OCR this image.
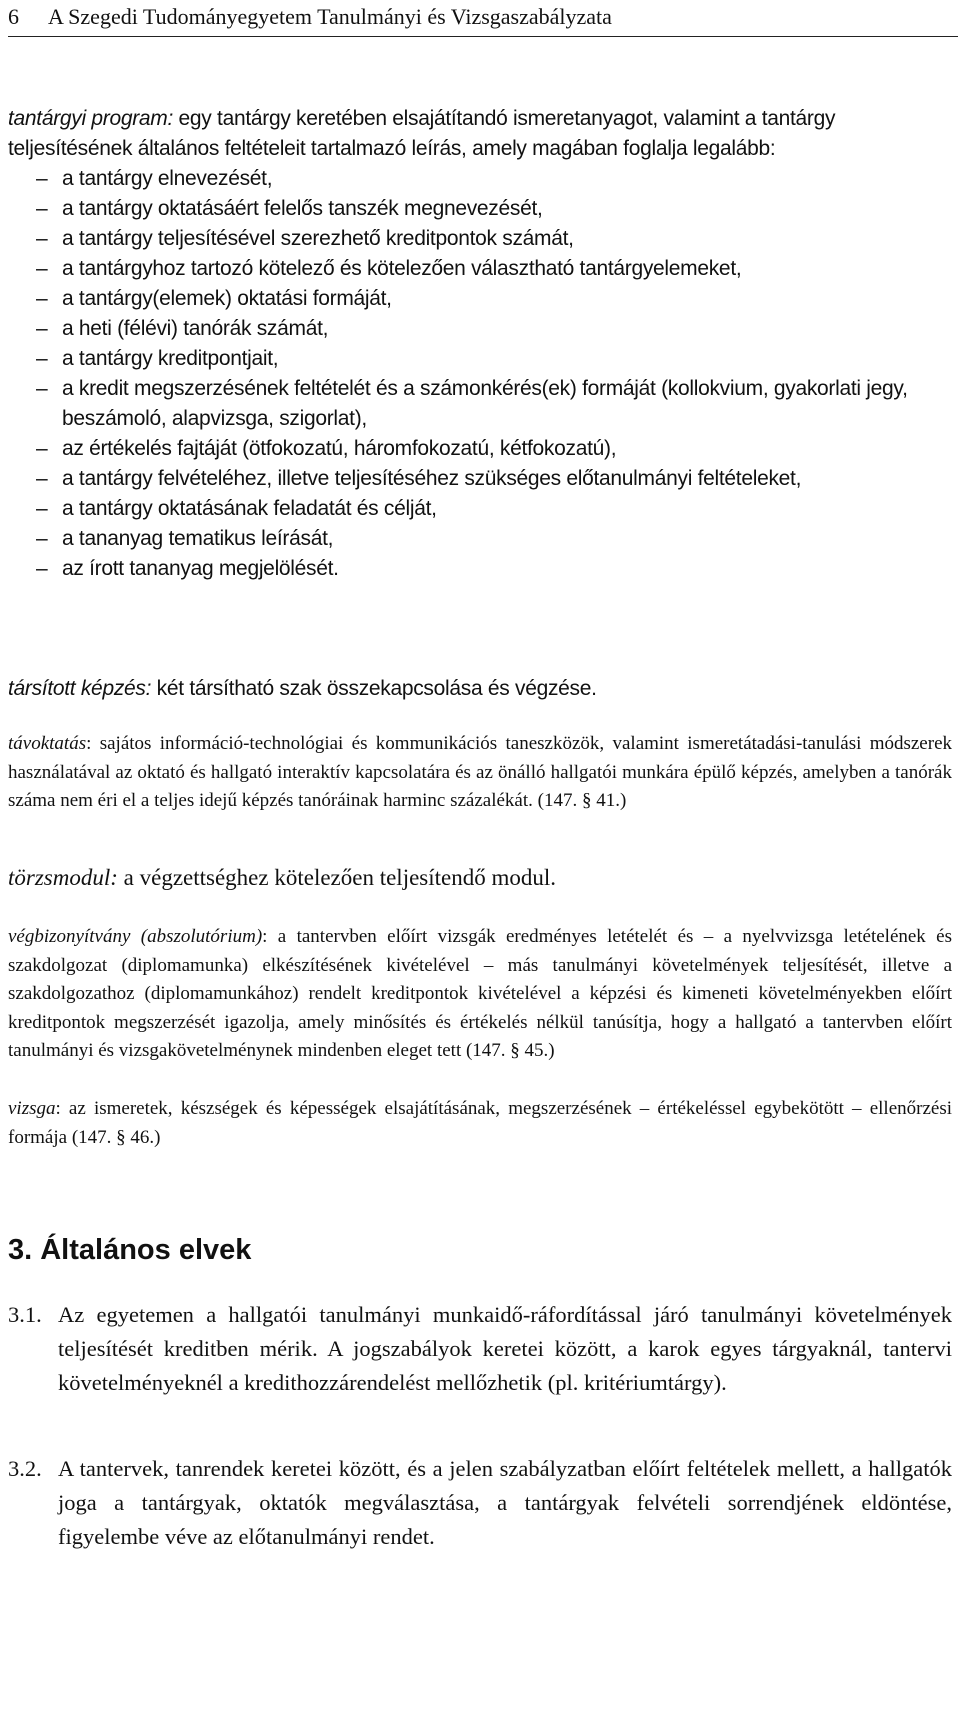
6 A Szegedi Tudományegyetem Tanulmányi és Vizsgaszabályzata

tantárgyi program: egy tantárgy keretében elsajátítandó ismeretanyagot, valamint a tantárgy teljesítésének általános feltételeit tartalmazó leírás, amely magában foglalja legalább:

– a tantárgy elnevezését,
– a tantárgy oktatásáért felelős tanszék megnevezését,
– a tantárgy teljesítésével szerezhető kreditpontok számát,
– a tantárgyhoz tartozó kötelező és kötelezően választható tantárgyelemeket,
– a tantárgy(elemek) oktatási formáját,
– a heti (félévi) tanórák számát,
– a tantárgy kreditpontjait,
– a kredit megszerzésének feltételét és a számonkérés(ek) formáját (kollokvium, gyakorlati jegy, beszámoló, alapvizsga, szigorlat),
– az értékelés fajtáját (ötfokozatú, háromfokozatú, kétfokozatú),
– a tantárgy felvételéhez, illetve teljesítéséhez szükséges előtanulmányi feltételeket,
– a tantárgy oktatásának feladatát és célját,
– a tananyag tematikus leírását,
– az írott tananyag megjelölését.

társított képzés: két társítható szak összekapcsolása és végzése.

távoktatás: sajátos információ-technológiai és kommunikációs taneszközök, valamint ismeretátadási-tanulási módszerek használatával az oktató és hallgató interaktív kapcsolatára és az önálló hallgatói munkára épülő képzés, amelyben a tanórák száma nem éri el a teljes idejű képzés tanóráinak harminc százalékát. (147. § 41.)

törzsmodul: a végzettséghez kötelezően teljesítendő modul.

végbizonyítvány (abszolutórium): a tantervben előírt vizsgák eredményes letételét és – a nyelvvizsga letételének és szakdolgozat (diplomamunka) elkészítésének kivételével – más tanulmányi követelmények teljesítését, illetve a szakdolgozathoz (diplomamunkához) rendelt kreditpontok kivételével a képzési és kimeneti követelményekben előírt kreditpontok megszerzését igazolja, amely minősítés és értékelés nélkül tanúsítja, hogy a hallgató a tantervben előírt tanulmányi és vizsgakövetelménynek mindenben eleget tett (147. § 45.)

vizsga: az ismeretek, készségek és képességek elsajátításának, megszerzésének – értékeléssel egybekötött – ellenőrzési formája (147. § 46.)

3. Általános elvek
3.1. Az egyetemen a hallgatói tanulmányi munkaidő-ráfordítással járó tanulmányi követelmények teljesítését kreditben mérik. A jogszabályok keretei között, a karok egyes tárgyaknál, tantervi követelményeknél a kredithozzárendelést mellőzhetik (pl. kritériumtárgy).
3.2. A tantervek, tanrendek keretei között, és a jelen szabályzatban előírt feltételek mellett, a hallgatók joga a tantárgyak, oktatók megválasztása, a tantárgyak felvételi sorrendjének eldöntése, figyelembe véve az előtanulmányi rendet.
